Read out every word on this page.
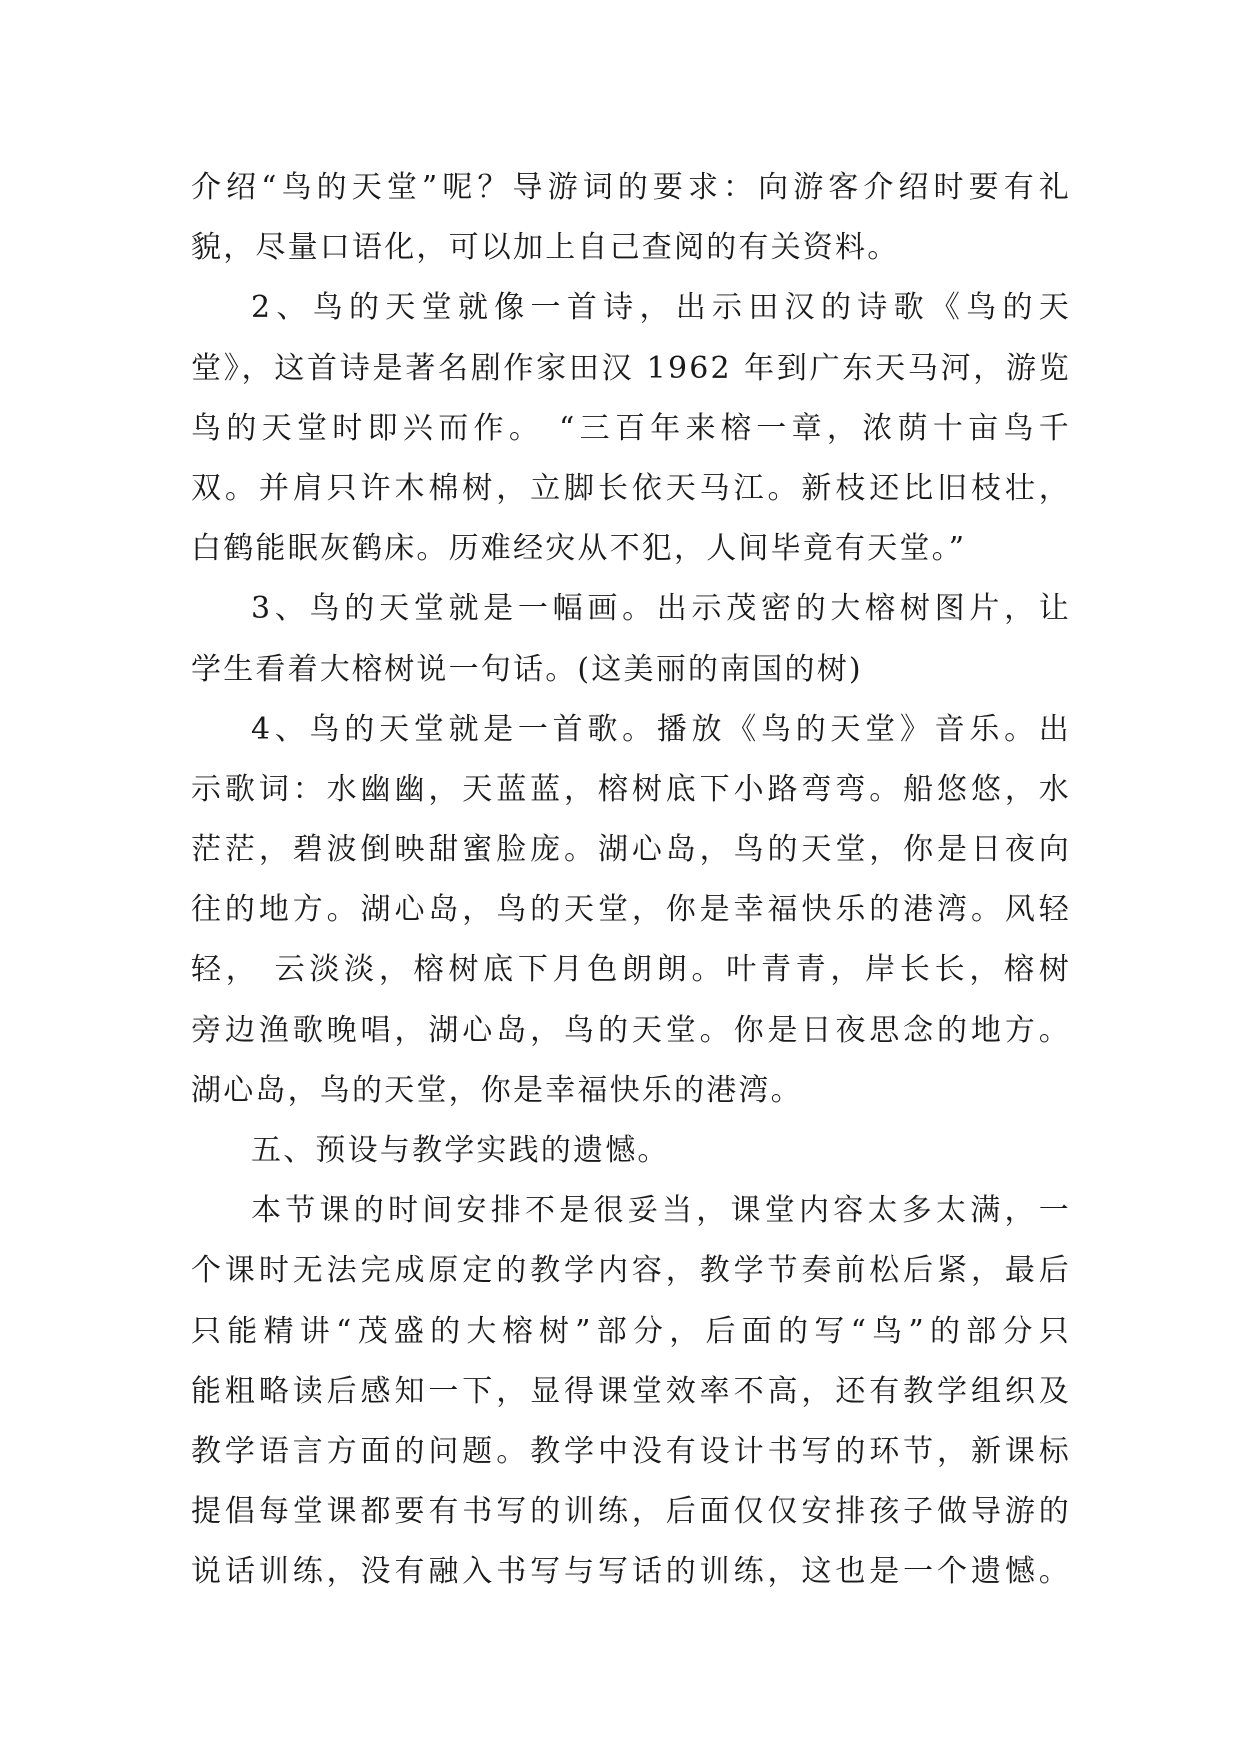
介绍“鸟的天堂”呢？导游词的要求：向游客介绍时要有礼
貌，尽量口语化，可以加上自己查阅的有关资料。
2、鸟的天堂就像一首诗，出示田汉的诗歌《鸟的天
堂》，这首诗是著名剧作家田汉 1962 年到广东天马河，游览
鸟的天堂时即兴而作。 “三百年来榕一章，浓荫十亩鸟千
双。并肩只许木棉树，立脚长依天马江。新枝还比旧枝壮，
白鹤能眠灰鹤床。历难经灾从不犯，人间毕竟有天堂。”
3、鸟的天堂就是一幅画。出示茂密的大榕树图片，让
学生看着大榕树说一句话。(这美丽的南国的树)
4、鸟的天堂就是一首歌。播放《鸟的天堂》音乐。出
示歌词：水幽幽，天蓝蓝，榕树底下小路弯弯。船悠悠，水
茫茫，碧波倒映甜蜜脸庞。湖心岛，鸟的天堂，你是日夜向
往的地方。湖心岛，鸟的天堂，你是幸福快乐的港湾。风轻
轻， 云淡淡，榕树底下月色朗朗。叶青青，岸长长，榕树
旁边渔歌晚唱，湖心岛，鸟的天堂。你是日夜思念的地方。
湖心岛，鸟的天堂，你是幸福快乐的港湾。
五、预设与教学实践的遗憾。
本节课的时间安排不是很妥当，课堂内容太多太满，一
个课时无法完成原定的教学内容，教学节奏前松后紧，最后
只能精讲“茂盛的大榕树”部分，后面的写“鸟”的部分只
能粗略读后感知一下，显得课堂效率不高，还有教学组织及
教学语言方面的问题。教学中没有设计书写的环节，新课标
提倡每堂课都要有书写的训练，后面仅仅安排孩子做导游的
说话训练，没有融入书写与写话的训练，这也是一个遗憾。
